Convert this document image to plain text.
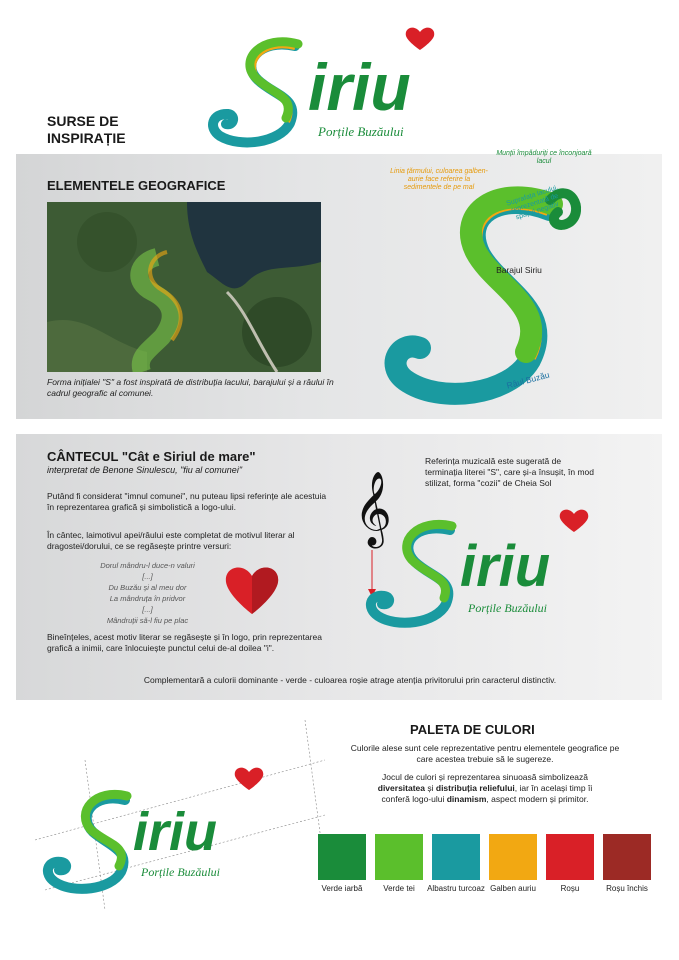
iriu
Porțile Buzăului
SURSE DE INSPIRAȚIE
ELEMENTELE GEOGRAFICE
Forma inițialei "S" a fost inspirată de distribuția lacului, barajului și a râului în cadrul geografic al comunei.
Linia țărmului, culoarea galben-aurie face referire la sedimentele de pe mal
Munții împăduriți ce înconjoară lacul
Suprafața lacului, reprezentată de spațiul negativ
Barajul Siriu
Râul Buzău
CÂNTECUL "Cât e Siriul de mare"
interpretat de Benone Sinulescu, "fiu al comunei"
Putând fi considerat "imnul comunei", nu puteau lipsi referințe ale acestuia în reprezentarea grafică și simbolistică a logo-ului.
În cântec, laimotivul apei/râului este completat de motivul literar al dragostei/dorului, ce se regăsește printre versuri:
Dorul mândru-l duce-n valuri
[...]
Du Buzău și al meu dor
La mândruța în pridvor
[...]
Mândruții să-l fiu pe plac
Bineînțeles, acest motiv literar se regăsește și în logo, prin reprezentarea grafică a inimii, care înlocuiește punctul celui de-al doilea "i".
Referința muzicală este sugerată de terminația literei "S", care și-a însușit, în mod stilizat, forma "cozii" de Cheia Sol
𝄞
iriu
Porțile Buzăului
Complementară a culorii dominante - verde - culoarea roșie atrage atenția privitorului prin caracterul distinctiv.
iriu
Porțile Buzăului
PALETA DE CULORI
Culorile alese sunt cele reprezentative pentru elementele geografice pe care acestea trebuie să le sugereze.
Jocul de culori și reprezentarea sinuoasă simbolizează diversitatea și distribuția reliefului, iar în același timp îi conferă logo-ului dinamism, aspect modern și primitor.
Verde iarbă	Verde tei	Albastru turcoaz Galben auriu	Roșu	Roșu închis
